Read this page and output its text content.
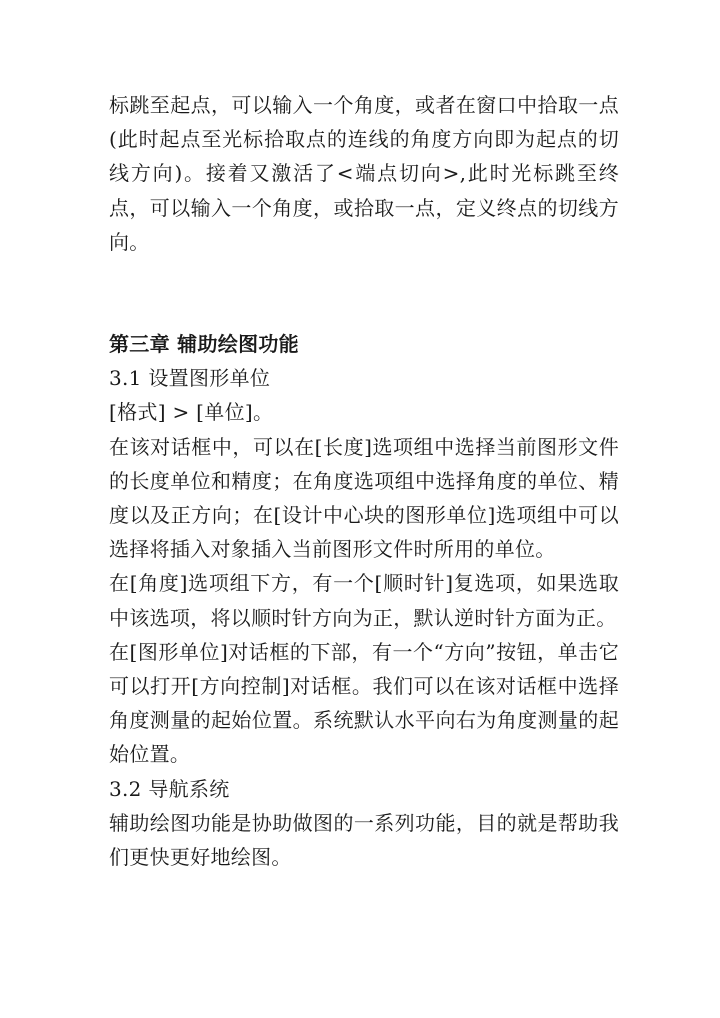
标跳至起点，可以输入一个角度，或者在窗口中拾取一点(此时起点至光标拾取点的连线的角度方向即为起点的切线方向)。接着又激活了<端点切向>,此时光标跳至终点，可以输入一个角度，或拾取一点，定义终点的切线方向。

第三章 辅助绘图功能

3.1 设置图形单位

[格式] > [单位]。

在该对话框中，可以在[长度]选项组中选择当前图形文件的长度单位和精度；在角度选项组中选择角度的单位、精度以及正方向；在[设计中心块的图形单位]选项组中可以选择将插入对象插入当前图形文件时所用的单位。

在[角度]选项组下方，有一个[顺时针]复选项，如果选取中该选项，将以顺时针方向为正，默认逆时针方面为正。

在[图形单位]对话框的下部，有一个“方向”按钮，单击它可以打开[方向控制]对话框。我们可以在该对话框中选择角度测量的起始位置。系统默认水平向右为角度测量的起始位置。

3.2 导航系统

辅助绘图功能是协助做图的一系列功能，目的就是帮助我们更快更好地绘图。
